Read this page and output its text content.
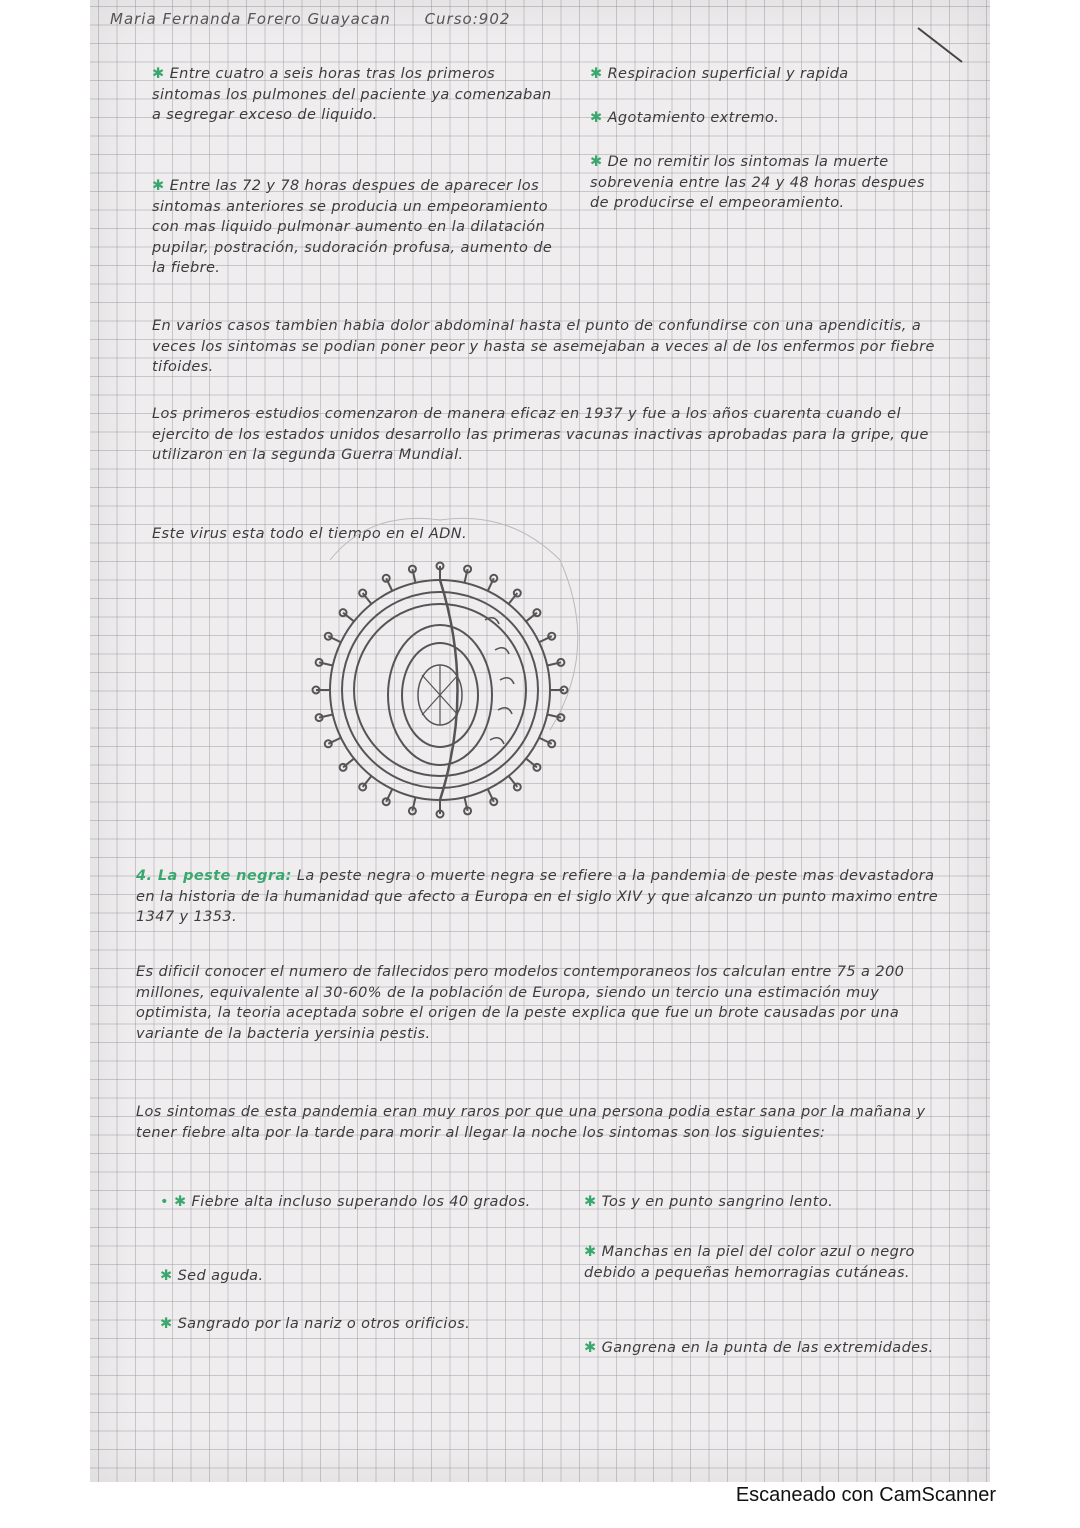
Maria Fernanda Forero Guayacan Curso:902

✱ Entre cuatro a seis horas tras los primeros sintomas los pulmones del paciente ya comenzaban a segregar exceso de liquido.

✱ Entre las 72 y 78 horas despues de aparecer los sintomas anteriores se producia un empeoramiento con mas liquido pulmonar aumento en la dilatación pupilar, postración, sudoración profusa, aumento de la fiebre.

✱ Respiracion superficial y rapida

✱ Agotamiento extremo.

✱ De no remitir los sintomas la muerte sobrevenia entre las 24 y 48 horas despues de producirse el empeoramiento.

En varios casos tambien habia dolor abdominal hasta el punto de confundirse con una apendicitis, a veces los sintomas se podian poner peor y hasta se asemejaban a veces al de los enfermos por fiebre tifoides.

Los primeros estudios comenzaron de manera eficaz en 1937 y fue a los años cuarenta cuando el ejercito de los estados unidos desarrollo las primeras vacunas inactivas aprobadas para la gripe, que utilizaron en la segunda Guerra Mundial.

Este virus esta todo el tiempo en el ADN.

4. La peste negra: La peste negra o muerte negra se refiere a la pandemia de peste mas devastadora en la historia de la humanidad que afecto a Europa en el siglo XIV y que alcanzo un punto maximo entre 1347 y 1353.

Es dificil conocer el numero de fallecidos pero modelos contemporaneos los calculan entre 75 a 200 millones, equivalente al 30-60% de la población de Europa, siendo un tercio una estimación muy optimista, la teoria aceptada sobre el origen de la peste explica que fue un brote causadas por una variante de la bacteria yersinia pestis.

Los sintomas de esta pandemia eran muy raros por que una persona podia estar sana por la mañana y tener fiebre alta por la tarde para morir al llegar la noche los sintomas son los siguientes:

• ✱ Fiebre alta incluso superando los 40 grados.

✱ Sed aguda.

✱ Sangrado por la nariz o otros orificios.

✱ Tos y en punto sangrino lento.

✱ Manchas en la piel del color azul o negro debido a pequeñas hemorragias cutáneas.

✱ Gangrena en la punta de las extremidades.

Escaneado con CamScanner
